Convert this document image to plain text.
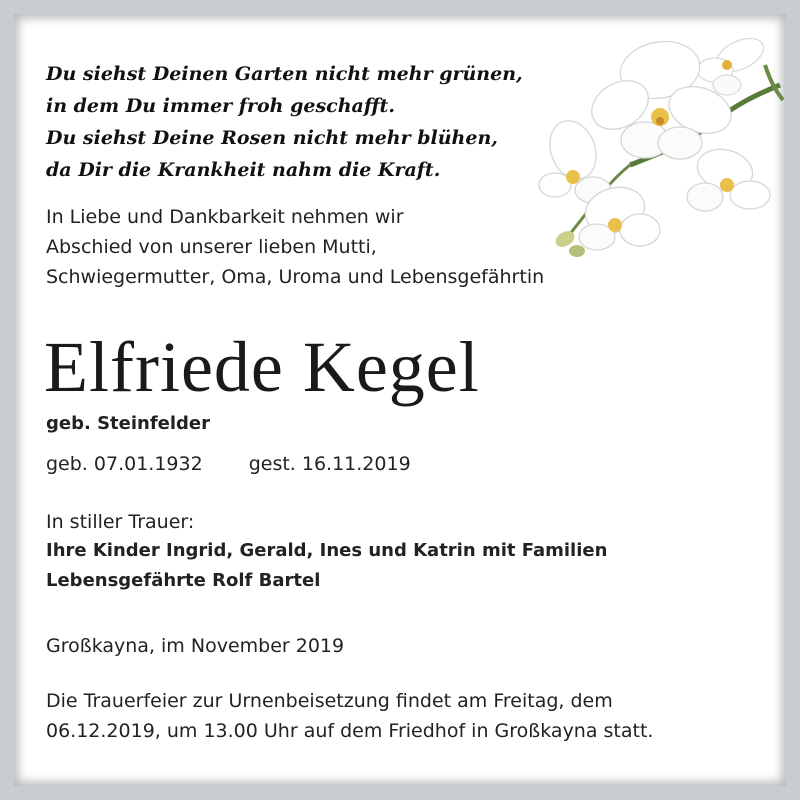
Du siehst Deinen Garten nicht mehr grünen,
in dem Du immer froh geschafft.
Du siehst Deine Rosen nicht mehr blühen,
da Dir die Krankheit nahm die Kraft.
In Liebe und Dankbarkeit nehmen wir
Abschied von unserer lieben Mutti,
Schwiegermutter, Oma, Uroma und Lebensgefährtin
Elfriede Kegel
geb. Steinfelder
geb. 07.01.1932 gest. 16.11.2019
In stiller Trauer:
Ihre Kinder Ingrid, Gerald, Ines und Katrin mit Familien
Lebensgefährte Rolf Bartel
Großkayna, im November 2019
Die Trauerfeier zur Urnenbeisetzung findet am Freitag, dem
06.12.2019, um 13.00 Uhr auf dem Friedhof in Großkayna statt.
